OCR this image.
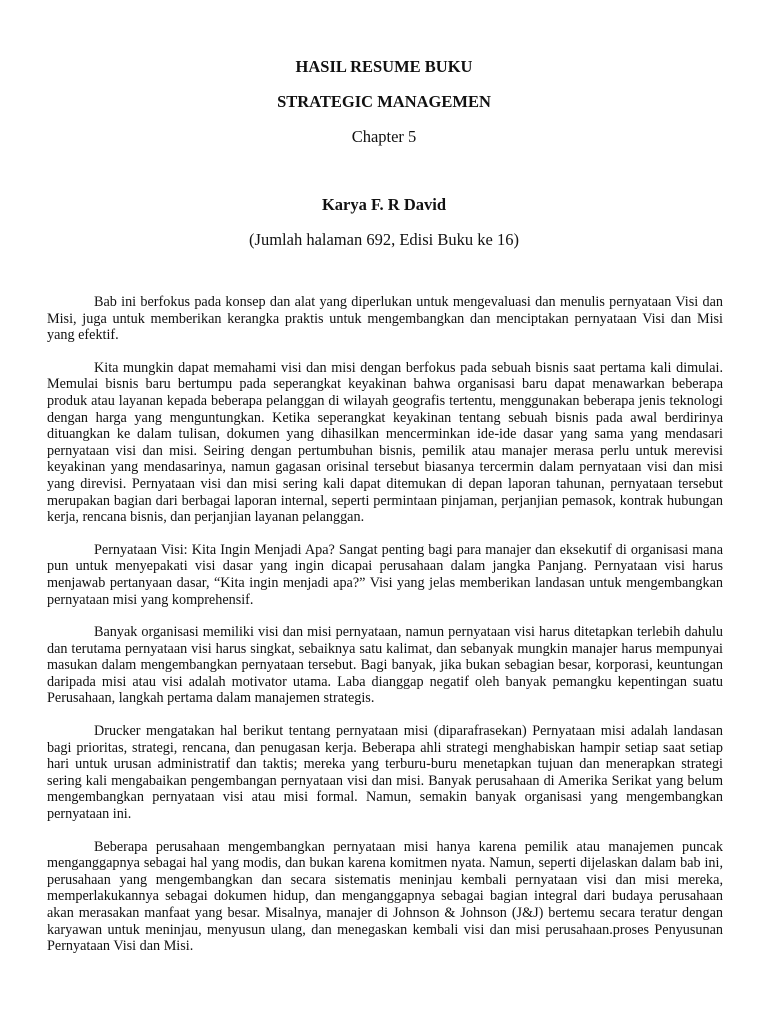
HASIL RESUME BUKU

STRATEGIC MANAGEMEN

Chapter 5

Karya F. R David

(Jumlah halaman 692, Edisi Buku ke 16)

Bab ini berfokus pada konsep dan alat yang diperlukan untuk mengevaluasi dan menulis pernyataan Visi dan Misi, juga untuk memberikan kerangka praktis untuk mengembangkan dan menciptakan pernyataan Visi dan Misi yang efektif.

Kita mungkin dapat memahami visi dan misi dengan berfokus pada sebuah bisnis saat pertama kali dimulai. Memulai bisnis baru bertumpu pada seperangkat keyakinan bahwa organisasi baru dapat menawarkan beberapa produk atau layanan kepada beberapa pelanggan di wilayah geografis tertentu, menggunakan beberapa jenis teknologi dengan harga yang menguntungkan. Ketika seperangkat keyakinan tentang sebuah bisnis pada awal berdirinya dituangkan ke dalam tulisan, dokumen yang dihasilkan mencerminkan ide-ide dasar yang sama yang mendasari pernyataan visi dan misi. Seiring dengan pertumbuhan bisnis, pemilik atau manajer merasa perlu untuk merevisi keyakinan yang mendasarinya, namun gagasan orisinal tersebut biasanya tercermin dalam pernyataan visi dan misi yang direvisi. Pernyataan visi dan misi sering kali dapat ditemukan di depan laporan tahunan, pernyataan tersebut merupakan bagian dari berbagai laporan internal, seperti permintaan pinjaman, perjanjian pemasok, kontrak hubungan kerja, rencana bisnis, dan perjanjian layanan pelanggan.

Pernyataan Visi: Kita Ingin Menjadi Apa? Sangat penting bagi para manajer dan eksekutif di organisasi mana pun untuk menyepakati visi dasar yang ingin dicapai perusahaan dalam jangka Panjang. Pernyataan visi harus menjawab pertanyaan dasar, “Kita ingin menjadi apa?” Visi yang jelas memberikan landasan untuk mengembangkan pernyataan misi yang komprehensif.

Banyak organisasi memiliki visi dan misi pernyataan, namun pernyataan visi harus ditetapkan terlebih dahulu dan terutama pernyataan visi harus singkat, sebaiknya satu kalimat, dan sebanyak mungkin manajer harus mempunyai masukan dalam mengembangkan pernyataan tersebut. Bagi banyak, jika bukan sebagian besar, korporasi, keuntungan daripada misi atau visi adalah motivator utama. Laba dianggap negatif oleh banyak pemangku kepentingan suatu Perusahaan, langkah pertama dalam manajemen strategis.

Drucker mengatakan hal berikut tentang pernyataan misi (diparafrasekan) Pernyataan misi adalah landasan bagi prioritas, strategi, rencana, dan penugasan kerja. Beberapa ahli strategi menghabiskan hampir setiap saat setiap hari untuk urusan administratif dan taktis; mereka yang terburu-buru menetapkan tujuan dan menerapkan strategi sering kali mengabaikan pengembangan pernyataan visi dan misi. Banyak perusahaan di Amerika Serikat yang belum mengembangkan pernyataan visi atau misi formal. Namun, semakin banyak organisasi yang mengembangkan pernyataan ini.

Beberapa perusahaan mengembangkan pernyataan misi hanya karena pemilik atau manajemen puncak menganggapnya sebagai hal yang modis, dan bukan karena komitmen nyata. Namun, seperti dijelaskan dalam bab ini, perusahaan yang mengembangkan dan secara sistematis meninjau kembali pernyataan visi dan misi mereka, memperlakukannya sebagai dokumen hidup, dan menganggapnya sebagai bagian integral dari budaya perusahaan akan merasakan manfaat yang besar. Misalnya, manajer di Johnson & Johnson (J&J) bertemu secara teratur dengan karyawan untuk meninjau, menyusun ulang, dan menegaskan kembali visi dan misi perusahaan.proses Penyusunan Pernyataan Visi dan Misi.
